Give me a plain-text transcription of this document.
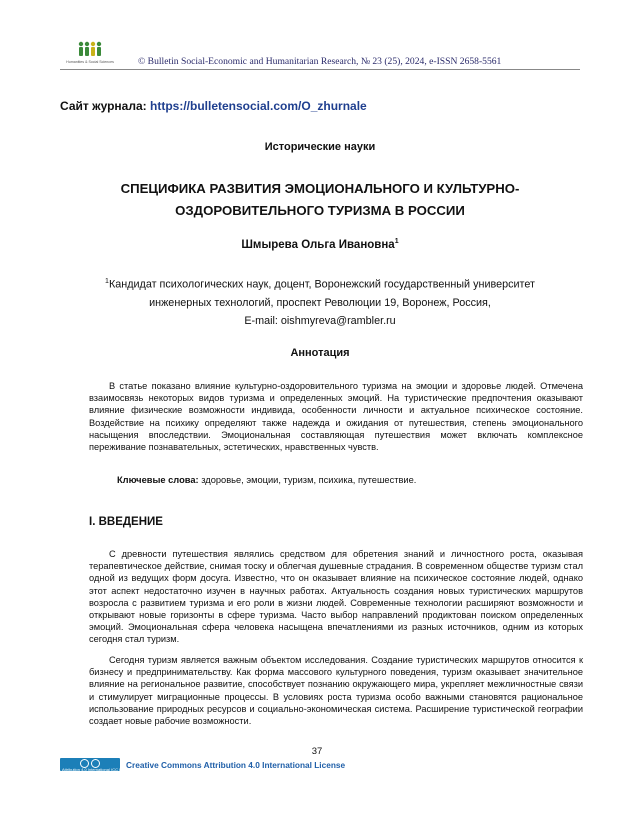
Humanities & Social Sciences	© Bulletin Social-Economic and Humanitarian Research, № 23 (25), 2024, e-ISSN 2658-5561
Сайт журнала: https://bulletensocial.com/O_zhurnale
Исторические науки
СПЕЦИФИКА РАЗВИТИЯ ЭМОЦИОНАЛЬНОГО И КУЛЬТУРНО-
ОЗДОРОВИТЕЛЬНОГО ТУРИЗМА В РОССИИ
Шмырева Ольга Ивановна$^1$
$^1$Кандидат психологических наук, доцент, Воронежский государственный университет
инженерных технологий, проспект Революции 19, Воронеж, Россия,
E-mail: oishmyreva@rambler.ru
Аннотация
В статье показано влияние культурно-оздоровительного туризма на эмоции и здоровье людей. Отмечена взаимосвязь некоторых видов туризма и определенных эмоций. На туристические предпочтения оказывают влияние физические возможности индивида, особенности личности и актуальное психическое состояние. Воздействие на психику определяют также надежда и ожидания от путешествия, степень эмоционального насыщения впоследствии. Эмоциональная составляющая путешествия может включать комплексное переживание познавательных, эстетических, нравственных чувств.
Ключевые слова: здоровье, эмоции, туризм, психика, путешествие.
I. ВВЕДЕНИЕ
С древности путешествия являлись средством для обретения знаний и личностного роста, оказывая терапевтическое действие, снимая тоску и облегчая душевные страдания. В современном обществе туризм стал одной из ведущих форм досуга. Известно, что он оказывает влияние на психическое состояние людей, однако этот аспект недостаточно изучен в научных работах. Актуальность создания новых туристических маршрутов возросла с развитием туризма и его роли в жизни людей. Современные технологии расширяют возможности и открывают новые горизонты в сфере туризма. Часто выбор направлений продиктован поиском определенных эмоций. Эмоциональная сфера человека насыщена впечатлениями из разных источников, одним из которых сегодня стал туризм.
Сегодня туризм является важным объектом исследования. Создание туристических маршрутов относится к бизнесу и предпринимательству. Как форма массового культурного поведения, туризм оказывает значительное влияние на региональное развитие, способствует познанию окружающего мира, укрепляет межличностные связи и стимулирует миграционные процессы. В условиях роста туризма особо важными становятся рациональное использование природных ресурсов и социально-экономическая система. Расширение туристической географии создает новые рабочие возможности.
37
Attribution 4.0 International (CC BY 4.0)
Creative Commons Attribution 4.0 International License
